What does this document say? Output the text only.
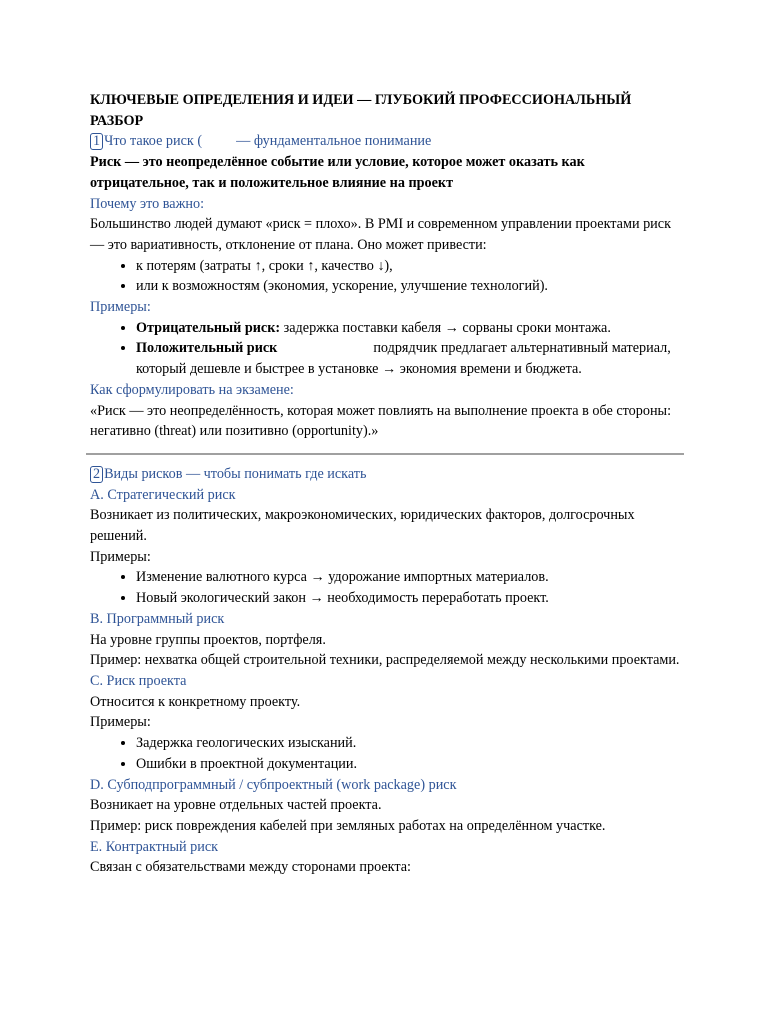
КЛЮЧЕВЫЕ ОПРЕДЕЛЕНИЯ И ИДЕИ — ГЛУБОКИЙ ПРОФЕССИОНАЛЬНЫЙ РАЗБОР

1 Что такое риск ( — фундаментальное понимание

Риск — это неопределённое событие или условие, которое может оказать как отрицательное, так и положительное влияние на проект

Почему это важно:

Большинство людей думают «риск = плохо». В PMI и современном управлении проектами риск — это вариативность, отклонение от плана. Оно может привести:

• к потерям (затраты ↑, сроки ↑, качество ↓),
• или к возможностям (экономия, ускорение, улучшение технологий).

Примеры:

• Отрицательный риск: задержка поставки кабеля → сорваны сроки монтажа.
• Положительный риск	подрядчик предлагает альтернативный материал, который дешевле и быстрее в установке → экономия времени и бюджета.

Как сформулировать на экзамене:

«Риск — это неопределённость, которая может повлиять на выполнение проекта в обе стороны: негативно (threat) или позитивно (opportunity).»

2 Виды рисков — чтобы понимать где искать

A. Стратегический риск

Возникает из политических, макроэкономических, юридических факторов, долгосрочных решений.

Примеры:

• Изменение валютного курса → удорожание импортных материалов.
• Новый экологический закон → необходимость переработать проект.

B. Программный риск

На уровне группы проектов, портфеля.

Пример: нехватка общей строительной техники, распределяемой между несколькими проектами.

C. Риск проекта

Относится к конкретному проекту.

Примеры:

• Задержка геологических изысканий.
• Ошибки в проектной документации.

D. Субподпрограммный / субпроектный (work package) риск

Возникает на уровне отдельных частей проекта.

Пример: риск повреждения кабелей при земляных работах на определённом участке.

E. Контрактный риск

Связан с обязательствами между сторонами проекта:
